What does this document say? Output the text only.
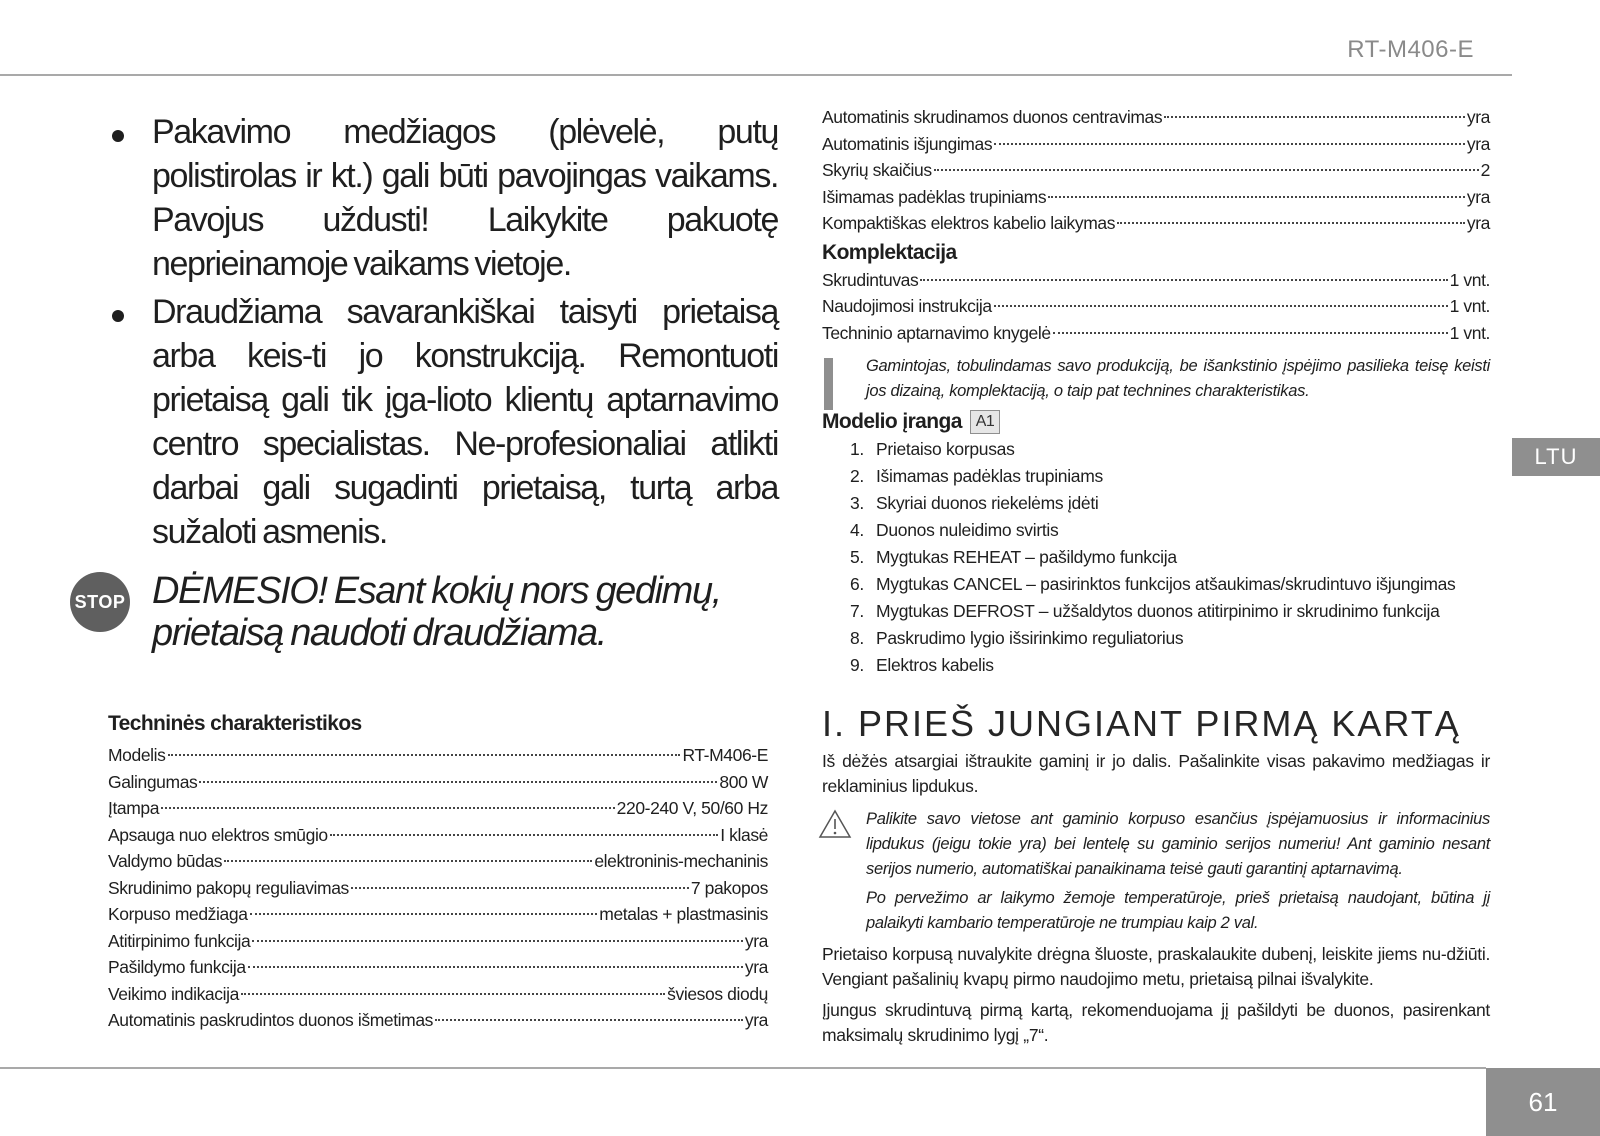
RT-M406-E
LTU
61
Pakavimo medžiagos (plėvelė, putų polistirolas ir kt.) gali būti pavojingas vaikams. Pavojus uždusti! Laikykite pakuotę neprieinamoje vaikams vietoje.
Draudžiama savarankiškai taisyti prietaisą arba keis-ti jo konstrukciją. Remontuoti prietaisą gali tik įga-lioto klientų aptarnavimo centro specialistas. Ne-profesionaliai atlikti darbai gali sugadinti prietaisą, turtą arba sužaloti asmenis.
STOP DĖMESIO! Esant kokių nors gedimų, prietaisą naudoti draudžiama.
Techninės charakteristikos
Modelis	RT-M406-E
Galingumas	800 W
Įtampa	220-240 V, 50/60 Hz
Apsauga nuo elektros smūgio	I klasė
Valdymo būdas	elektroninis-mechaninis
Skrudinimo pakopų reguliavimas	7 pakopos
Korpuso medžiaga	metalas + plastmasinis
Atitirpinimo funkcija	yra
Pašildymo funkcija	yra
Veikimo indikacija	šviesos diodų
Automatinis paskrudintos duonos išmetimas	yra
Automatinis skrudinamos duonos centravimas	yra
Automatinis išjungimas	yra
Skyrių skaičius	2
Išimamas padėklas trupiniams	yra
Kompaktiškas elektros kabelio laikymas	yra
Komplektacija
Skrudintuvas	1 vnt.
Naudojimosi instrukcija	1 vnt.
Techninio aptarnavimo knygelė	1 vnt.
Gamintojas, tobulindamas savo produkciją, be išankstinio įspėjimo pasilieka teisę keisti jos dizainą, komplektaciją, o taip pat technines charakteristikas.
Modelio įranga A1
1. Prietaiso korpusas
2. Išimamas padėklas trupiniams
3. Skyriai duonos riekelėms įdėti
4. Duonos nuleidimo svirtis
5. Mygtukas REHEAT – pašildymo funkcija
6. Mygtukas CANCEL – pasirinktos funkcijos atšaukimas/skrudintuvo išjungimas
7. Mygtukas DEFROST – užšaldytos duonos atitirpinimo ir skrudinimo funkcija
8. Paskrudimo lygio išsirinkimo reguliatorius
9. Elektros kabelis
I. PRIEŠ JUNGIANT PIRMĄ KARTĄ

Iš dėžės atsargiai ištraukite gaminį ir jo dalis. Pašalinkite visas pakavimo medžiagas ir reklaminius lipdukus.

Palikite savo vietose ant gaminio korpuso esančius įspėjamuosius ir informacinius lipdukus (jeigu tokie yra) bei lentelę su gaminio serijos numeriu! Ant gaminio nesant serijos numerio, automatiškai panaikinama teisė gauti garantinį aptarnavimą.

Po pervežimo ar laikymo žemoje temperatūroje, prieš prietaisą naudojant, būtina jį palaikyti kambario temperatūroje ne trumpiau kaip 2 val.

Prietaiso korpusą nuvalykite drėgna šluoste, praskalaukite dubenį, leiskite jiems nu-džiūti. Vengiant pašalinių kvapų pirmo naudojimo metu, prietaisą pilnai išvalykite.

Įjungus skrudintuvą pirmą kartą, rekomenduojama jį pašildyti be duonos, pasirenkant maksimalų skrudinimo lygį „7“.
